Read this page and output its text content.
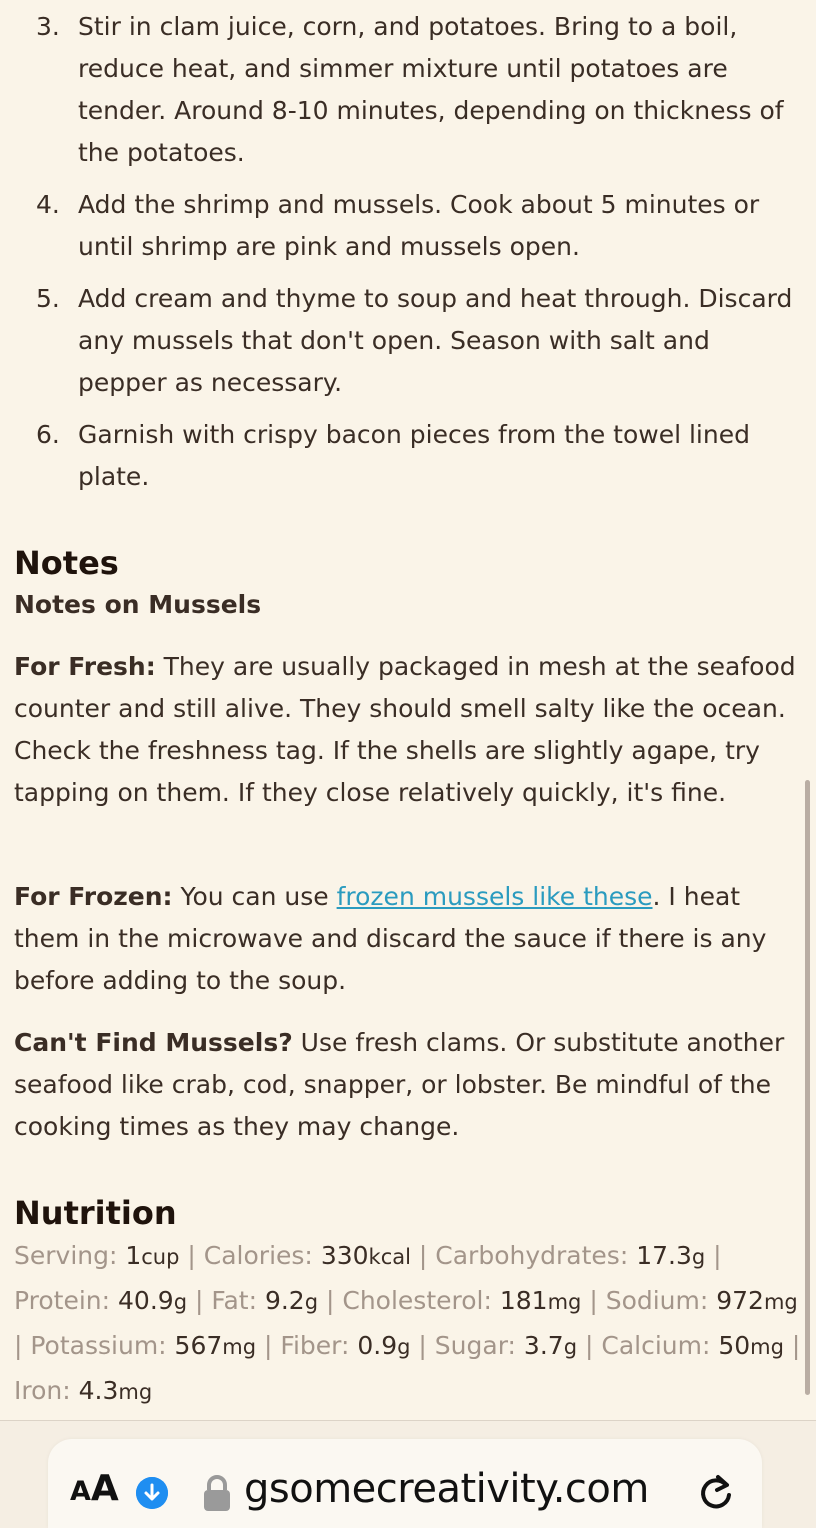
3. Stir in clam juice, corn, and potatoes. Bring to a boil, reduce heat, and simmer mixture until potatoes are tender. Around 8-10 minutes, depending on thickness of the potatoes.
4. Add the shrimp and mussels. Cook about 5 minutes or until shrimp are pink and mussels open.
5. Add cream and thyme to soup and heat through. Discard any mussels that don't open. Season with salt and pepper as necessary.
6. Garnish with crispy bacon pieces from the towel lined plate.
Notes
Notes on Mussels

For Fresh: They are usually packaged in mesh at the seafood counter and still alive. They should smell salty like the ocean. Check the freshness tag. If the shells are slightly agape, try tapping on them. If they close relatively quickly, it's fine.

For Frozen: You can use frozen mussels like these. I heat them in the microwave and discard the sauce if there is any before adding to the soup.

Can't Find Mussels? Use fresh clams. Or substitute another seafood like crab, cod, snapper, or lobster. Be mindful of the cooking times as they may change.

Nutrition

Serving: 1cup | Calories: 330kcal | Carbohydrates: 17.3g | Protein: 40.9g | Fat: 9.2g | Cholesterol: 181mg | Sodium: 972mg | Potassium: 567mg | Fiber: 0.9g | Sugar: 3.7g | Calcium: 50mg | Iron: 4.3mg

AA	gsomecreativity.com
